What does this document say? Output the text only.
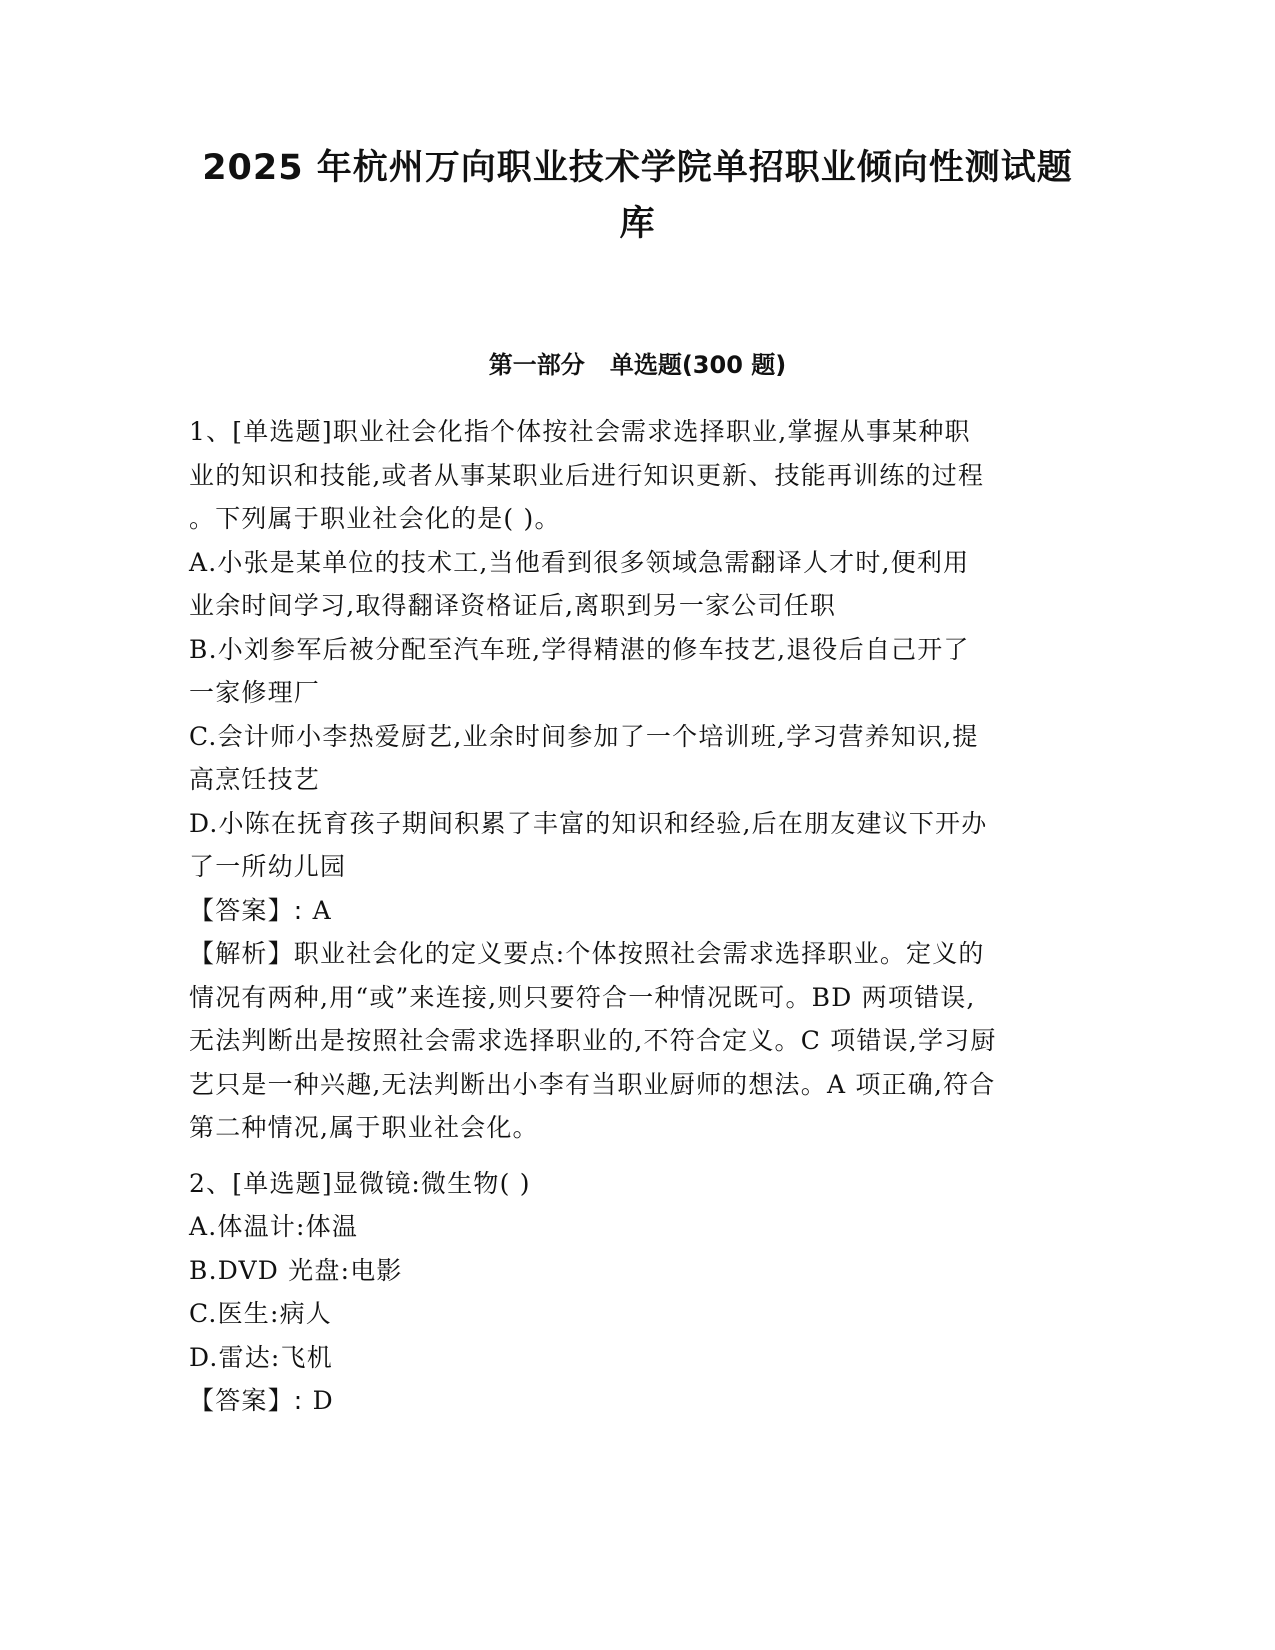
2025 年杭州万向职业技术学院单招职业倾向性测试题
库
第一部分   单选题(300 题)
1、[单选题]职业社会化指个体按社会需求选择职业,掌握从事某种职
业的知识和技能,或者从事某职业后进行知识更新、技能再训练的过程
。下列属于职业社会化的是( )。
A.小张是某单位的技术工,当他看到很多领域急需翻译人才时,便利用
业余时间学习,取得翻译资格证后,离职到另一家公司任职
B.小刘参军后被分配至汽车班,学得精湛的修车技艺,退役后自己开了
一家修理厂
C.会计师小李热爱厨艺,业余时间参加了一个培训班,学习营养知识,提
高烹饪技艺
D.小陈在抚育孩子期间积累了丰富的知识和经验,后在朋友建议下开办
了一所幼儿园
【答案】: A
【解析】职业社会化的定义要点:个体按照社会需求选择职业。定义的
情况有两种,用“或”来连接,则只要符合一种情况既可。BD 两项错误,
无法判断出是按照社会需求选择职业的,不符合定义。C 项错误,学习厨
艺只是一种兴趣,无法判断出小李有当职业厨师的想法。A 项正确,符合
第二种情况,属于职业社会化。
2、[单选题]显微镜:微生物( )
A.体温计:体温
B.DVD 光盘:电影
C.医生:病人
D.雷达:飞机
【答案】: D
